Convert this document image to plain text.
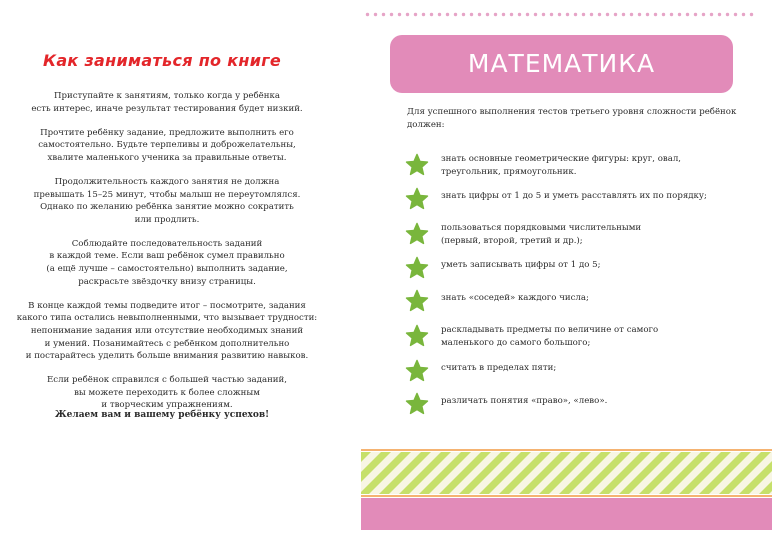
Как заниматься по книге

Приступайте к занятиям, только когда у ребёнка
есть интерес, иначе результат тестирования будет низкий.

Прочтите ребёнку задание, предложите выполнить его
самостоятельно. Будьте терпеливы и доброжелательны,
хвалите маленького ученика за правильные ответы.

Продолжительность каждого занятия не должна
превышать 15–25 минут, чтобы малыш не переутомлялся.
Однако по желанию ребёнка занятие можно сократить
или продлить.

Соблюдайте последовательность заданий
в каждой теме. Если ваш ребёнок сумел правильно
(а ещё лучше – самостоятельно) выполнить задание,
раскрасьте звёздочку внизу страницы.

В конце каждой темы подведите итог – посмотрите, задания
какого типа остались невыполненными, что вызывает трудности:
непонимание задания или отсутствие необходимых знаний
и умений. Позанимайтесь с ребёнком дополнительно
и постарайтесь уделить больше внимания развитию навыков.

Если ребёнок справился с большей частью заданий,
вы можете переходить к более сложным
и творческим упражнениям.

Желаем вам и вашему ребёнку успехов!
МАТЕМАТИКА
Для успешного выполнения тестов третьего уровня сложности ребёнок должен:
знать основные геометрические фигуры: круг, овал,
треугольник, прямоугольник.
знать цифры от 1 до 5 и уметь расставлять их по порядку;
пользоваться порядковыми числительными
(первый, второй, третий и др.);
уметь записывать цифры от 1 до 5;
знать «соседей» каждого числа;
раскладывать предметы по величине от самого
маленького до самого большого;
считать в пределах пяти;
различать понятия «право», «лево».
